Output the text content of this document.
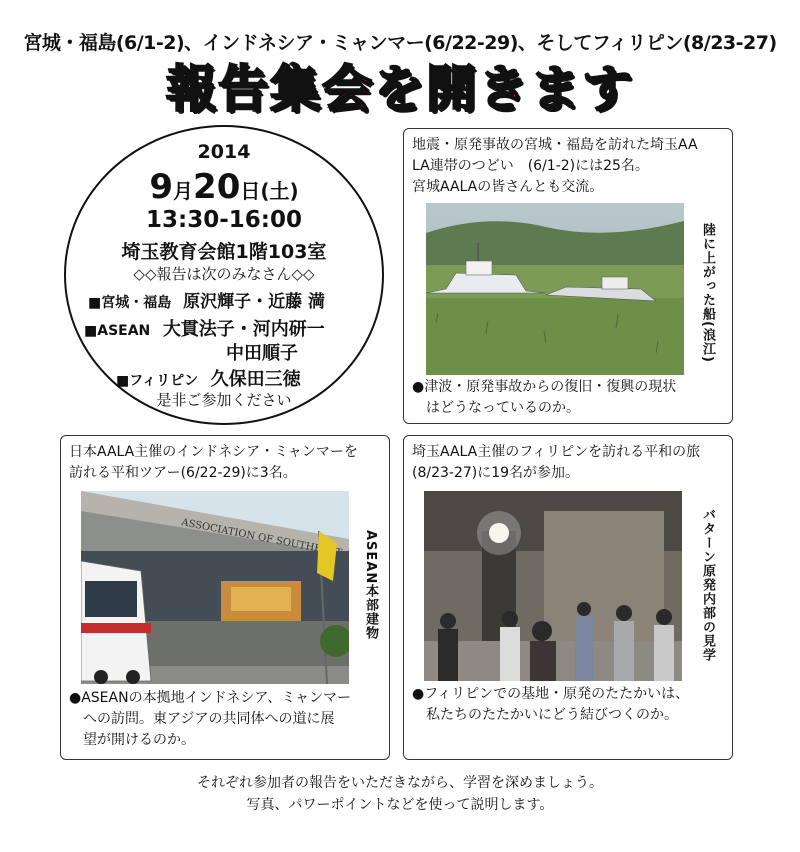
宮城・福島(6/1-2)、インドネシア・ミャンマー(6/22-29)、そしてフィリピン(8/23-27)
報告集会を開きます
2014
9月20日(土)
13:30-16:00
埼玉教育会館1階103室
◇◇報告は次のみなさん◇◇
■宮城・福島 原沢輝子・近藤 満
■ASEAN 大貫法子・河内研一
中田順子
■フィリピン 久保田三徳
是非ご参加ください
地震・原発事故の宮城・福島を訪れた埼玉AA
LA連帯のつどい　(6/1-2)には25名。
宮城AALAの皆さんとも交流。
陸に上がった船(浪江)
●津波・原発事故からの復旧・復興の現状
はどうなっているのか。
日本AALA主催のインドネシア・ミャンマーを
訪れる平和ツアー(6/22-29)に3名。
ASEAN本部建物
●ASEANの本拠地インドネシア、ミャンマー
への訪問。東アジアの共同体への道に展
望が開けるのか。
埼玉AALA主催のフィリピンを訪れる平和の旅
(8/23-27)に19名が参加。
バターン原発内部の見学
●フィリピンでの基地・原発のたたかいは、
私たちのたたかいにどう結びつくのか。
それぞれ参加者の報告をいただきながら、学習を深めましょう。
写真、パワーポイントなどを使って説明します。
